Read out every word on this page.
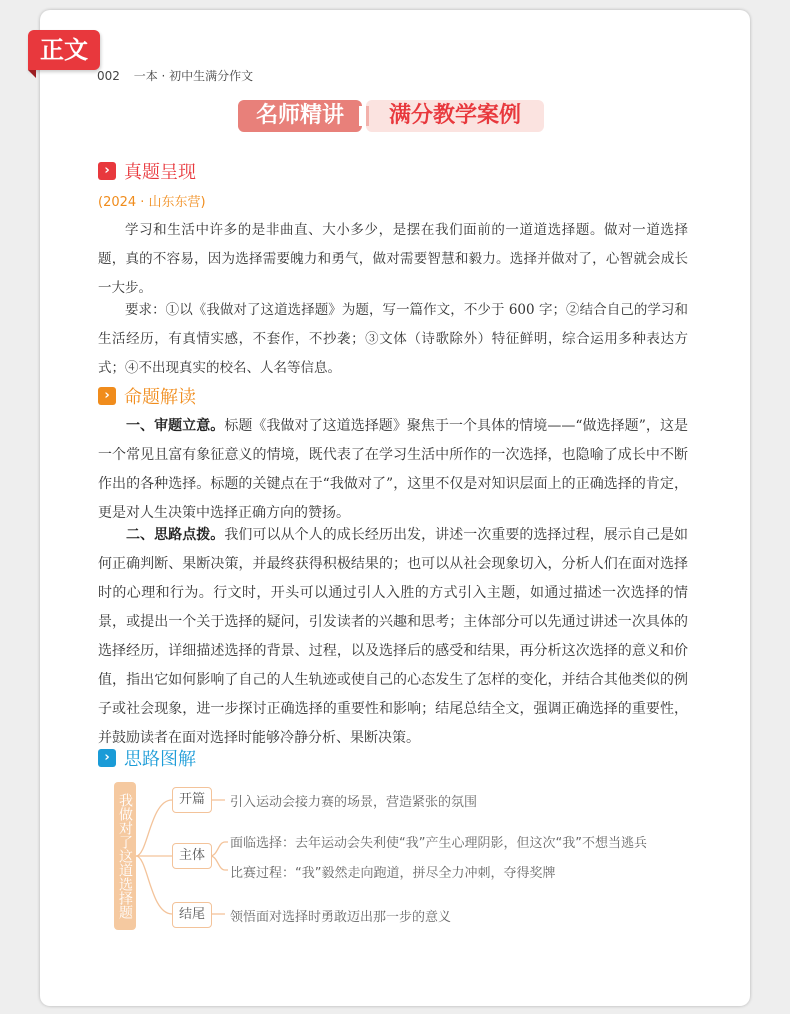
正文
002 一本 · 初中生满分作文
名师精讲	满分教学案例
› 真题呈现
(2024 · 山东东营)

学习和生活中许多的是非曲直、大小多少，是摆在我们面前的一道道选择题。做对一道选择题，真的不容易，因为选择需要魄力和勇气，做对需要智慧和毅力。选择并做对了，心智就会成长一大步。

要求：①以《我做对了这道选择题》为题，写一篇作文，不少于 600 字；②结合自己的学习和生活经历，有真情实感，不套作，不抄袭；③文体（诗歌除外）特征鲜明，综合运用多种表达方式；④不出现真实的校名、人名等信息。

› 命题解读

一、审题立意。标题《我做对了这道选择题》聚焦于一个具体的情境——“做选择题”，这是一个常见且富有象征意义的情境，既代表了在学习生活中所作的一次选择，也隐喻了成长中不断作出的各种选择。标题的关键点在于“我做对了”，这里不仅是对知识层面上的正确选择的肯定，更是对人生决策中选择正确方向的赞扬。

二、思路点拨。我们可以从个人的成长经历出发，讲述一次重要的选择过程，展示自己是如何正确判断、果断决策，并最终获得积极结果的；也可以从社会现象切入，分析人们在面对选择时的心理和行为。行文时，开头可以通过引人入胜的方式引入主题，如通过描述一次选择的情景，或提出一个关于选择的疑问，引发读者的兴趣和思考；主体部分可以先通过讲述一次具体的选择经历，详细描述选择的背景、过程，以及选择后的感受和结果，再分析这次选择的意义和价值，指出它如何影响了自己的人生轨迹或使自己的心态发生了怎样的变化，并结合其他类似的例子或社会现象，进一步探讨正确选择的重要性和影响；结尾总结全文，强调正确选择的重要性，并鼓励读者在面对选择时能够冷静分析、果断决策。

› 思路图解
我做对了这道选择题	开篇
主体
结尾
引入运动会接力赛的场景，营造紧张的氛围
面临选择：去年运动会失利使“我”产生心理阴影，但这次“我”不想当逃兵
比赛过程：“我”毅然走向跑道，拼尽全力冲刺，夺得奖牌
领悟面对选择时勇敢迈出那一步的意义
